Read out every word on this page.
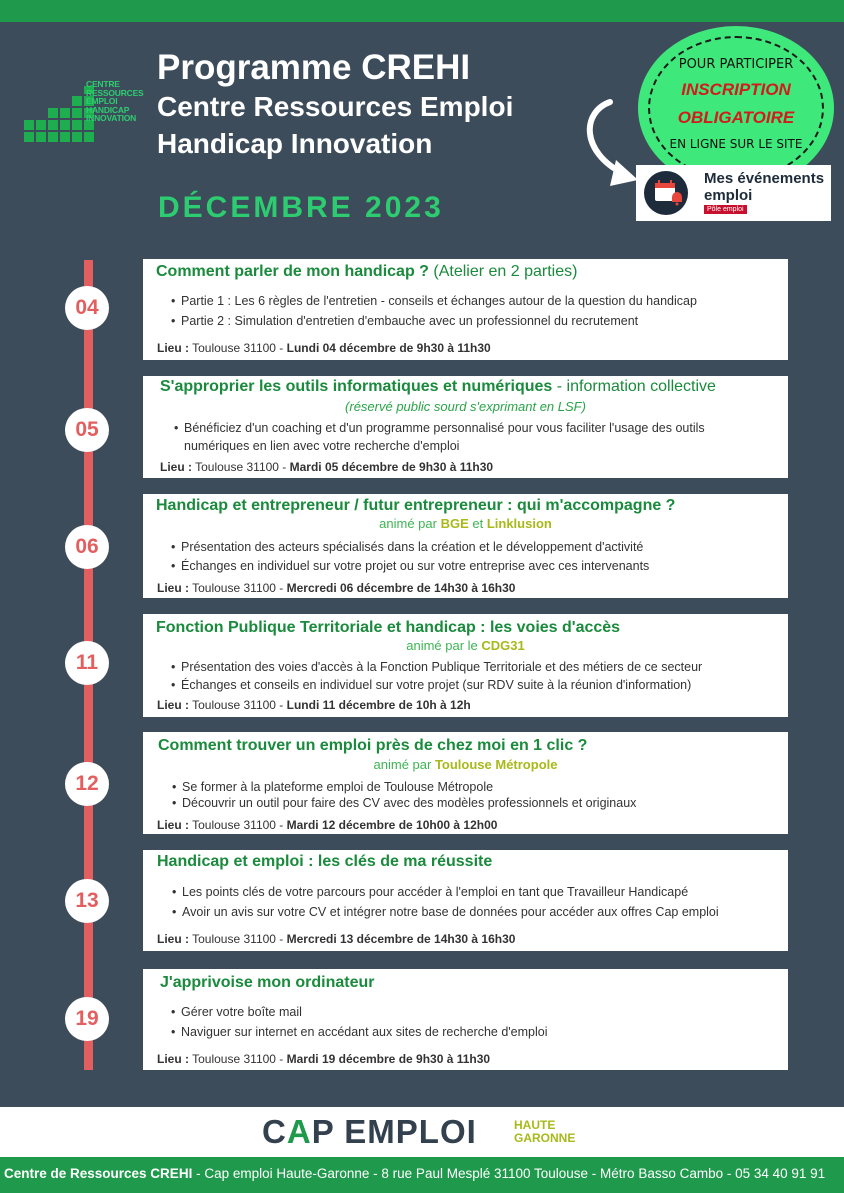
CENTRE
RESSOURCES
EMPLOI
HANDICAP
INNOVATION
Programme CREHI
Centre Ressources Emploi
Handicap Innovation
DÉCEMBRE 2023
POUR PARTICIPER
INSCRIPTION
OBLIGATOIRE
EN LIGNE SUR LE SITE
Mes événements
emploi
Pôle emploi
04
Comment parler de mon handicap ? (Atelier en 2 parties)
• Partie 1 : Les 6 règles de l'entretien - conseils et échanges autour de la question du handicap
• Partie 2 : Simulation d'entretien d'embauche avec un professionnel du recrutement
Lieu : Toulouse 31100 - Lundi 04 décembre de 9h30 à 11h30
05
S'approprier les outils informatiques et numériques - information collective
(réservé public sourd s'exprimant en LSF)
• Bénéficiez d'un coaching et d'un programme personnalisé pour vous faciliter l'usage des outils numériques en lien avec votre recherche d'emploi
Lieu : Toulouse 31100 - Mardi 05 décembre de 9h30 à 11h30
06
Handicap et entrepreneur / futur entrepreneur : qui m'accompagne ?
animé par BGE et Linklusion
• Présentation des acteurs spécialisés dans la création et le développement d'activité
• Échanges en individuel sur votre projet ou sur votre entreprise avec ces intervenants
Lieu : Toulouse 31100 - Mercredi 06 décembre de 14h30 à 16h30
11
Fonction Publique Territoriale et handicap : les voies d'accès
animé par le CDG31
• Présentation des voies d'accès à la Fonction Publique Territoriale et des métiers de ce secteur
• Échanges et conseils en individuel sur votre projet (sur RDV suite à la réunion d'information)
Lieu : Toulouse 31100 - Lundi 11 décembre de 10h à 12h
12
Comment trouver un emploi près de chez moi en 1 clic ?
animé par Toulouse Métropole
• Se former à la plateforme emploi de Toulouse Métropole
• Découvrir un outil pour faire des CV avec des modèles professionnels et originaux
Lieu : Toulouse 31100 - Mardi 12 décembre de 10h00 à 12h00
13
Handicap et emploi : les clés de ma réussite
• Les points clés de votre parcours pour accéder à l'emploi en tant que Travailleur Handicapé
• Avoir un avis sur votre CV et intégrer notre base de données pour accéder aux offres Cap emploi
Lieu : Toulouse 31100 - Mercredi 13 décembre de 14h30 à 16h30
19
J'apprivoise mon ordinateur
• Gérer votre boîte mail
• Naviguer sur internet en accédant aux sites de recherche d'emploi
Lieu : Toulouse 31100 - Mardi 19 décembre de 9h30 à 11h30
CAP EMPLOI	HAUTE
GARONNE
Centre de Ressources CREHI - Cap emploi Haute-Garonne - 8 rue Paul Mesplé 31100 Toulouse - Métro Basso Cambo - 05 34 40 91 91
